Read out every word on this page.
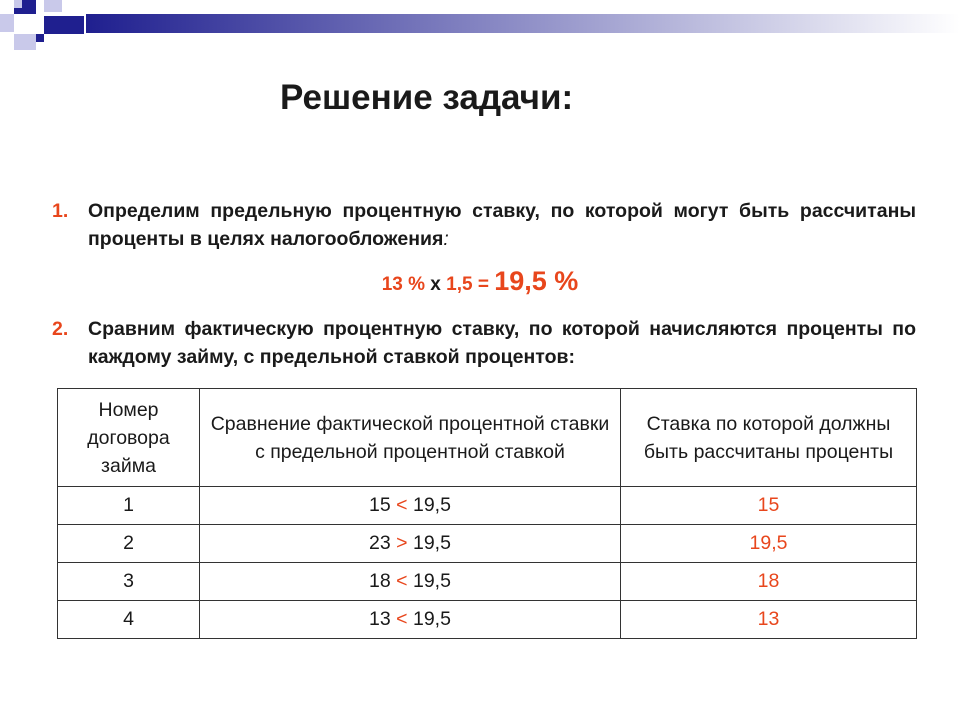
Решение задачи:
1. Определим предельную процентную ставку, по которой могут быть рассчитаны проценты в целях налогообложения:
13 % х 1,5 = 19,5 %
2. Сравним фактическую процентную ставку, по которой начисляются проценты по каждому займу, с предельной ставкой процентов:
Номер договора займа	Сравнение фактической процентной ставки с предельной процентной ставкой	Ставка по которой должны быть рассчитаны проценты

1	15 < 19,5	15
2	23 > 19,5	19,5
3	18 < 19,5	18
4	13 < 19,5	13
